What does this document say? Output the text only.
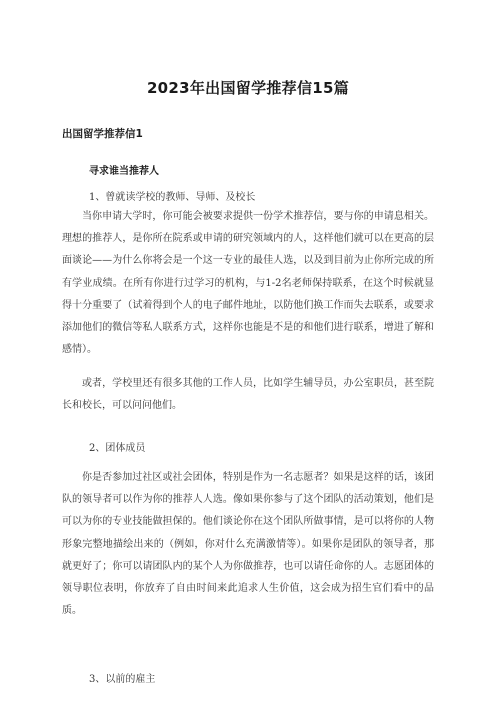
2023年出国留学推荐信15篇
出国留学推荐信1
寻求谁当推荐人
1、曾就读学校的教师、导师、及校长

当你申请大学时，你可能会被要求提供一份学术推荐信，要与你的申请息相关。理想的推荐人，是你所在院系或申请的研究领域内的人，这样他们就可以在更高的层面谈论——为什么你将会是一个这一专业的最佳人选，以及到目前为止你所完成的所有学业成绩。在所有你进行过学习的机构，与1-2名老师保持联系，在这个时候就显得十分重要了（试着得到个人的电子邮件地址，以防他们换工作而失去联系，或要求添加他们的微信等私人联系方式，这样你也能是不是的和他们进行联系，增进了解和感情）。

或者，学校里还有很多其他的工作人员，比如学生辅导员，办公室职员，甚至院长和校长，可以问问他们。

2、团体成员

你是否参加过社区或社会团体，特别是作为一名志愿者？如果是这样的话，该团队的领导者可以作为你的推荐人人选。像如果你参与了这个团队的活动策划，他们是可以为你的专业技能做担保的。他们谈论你在这个团队所做事情，是可以将你的人物形象完整地描绘出来的（例如，你对什么充满激情等）。如果你是团队的领导者，那就更好了；你可以请团队内的某个人为你做推荐，也可以请任命你的人。志愿团体的领导职位表明，你放弃了自由时间来此追求人生价值，这会成为招生官们看中的品质。

3、以前的雇主
